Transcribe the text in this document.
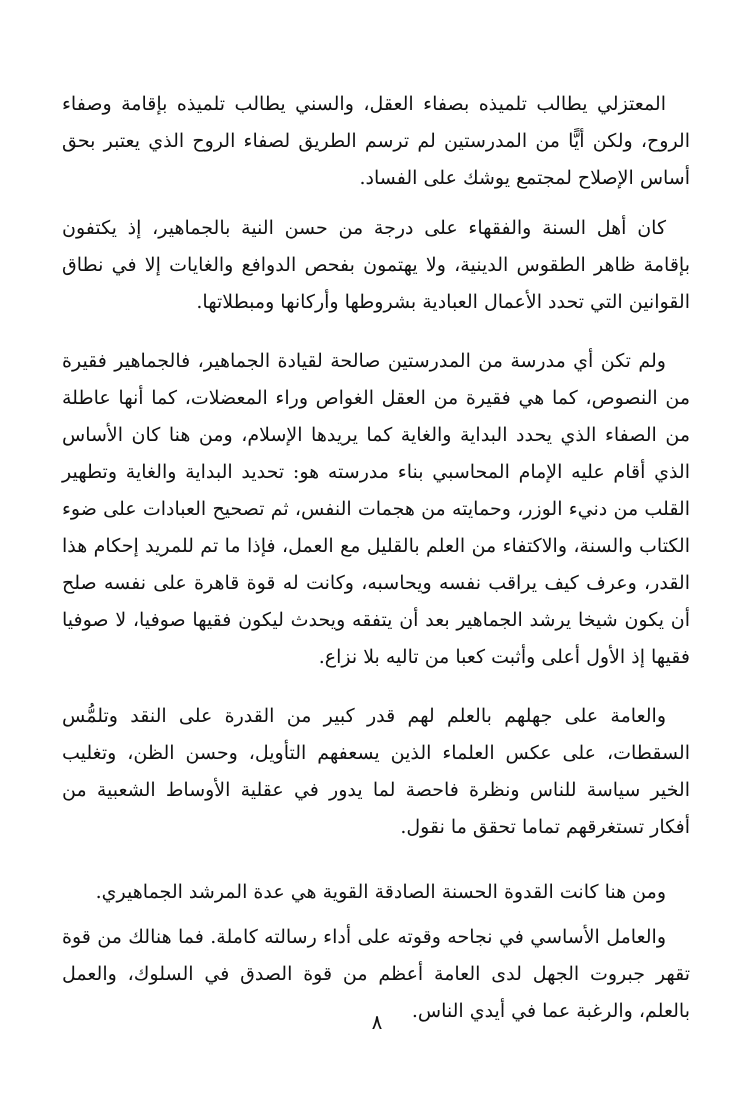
المعتزلي يطالب تلميذه بصفاء العقل، والسني يطالب تلميذه بإقامة وصفاء الروح، ولكن أيًّا من المدرستين لم ترسم الطريق لصفاء الروح الذي يعتبر بحق أساس الإصلاح لمجتمع يوشك على الفساد.

كان أهل السنة والفقهاء على درجة من حسن النية بالجماهير، إذ يكتفون بإقامة ظاهر الطقوس الدينية، ولا يهتمون بفحص الدوافع والغايات إلا في نطاق القوانين التي تحدد الأعمال العبادية بشروطها وأركانها ومبطلاتها.

ولم تكن أي مدرسة من المدرستين صالحة لقيادة الجماهير، فالجماهير فقيرة من النصوص، كما هي فقيرة من العقل الغواص وراء المعضلات، كما أنها عاطلة من الصفاء الذي يحدد البداية والغاية كما يريدها الإسلام، ومن هنا كان الأساس الذي أقام عليه الإمام المحاسبي بناء مدرسته هو: تحديد البداية والغاية وتطهير القلب من دنيء الوزر، وحمايته من هجمات النفس، ثم تصحيح العبادات على ضوء الكتاب والسنة، والاكتفاء من العلم بالقليل مع العمل، فإذا ما تم للمريد إحكام هذا القدر، وعرف كيف يراقب نفسه ويحاسبه، وكانت له قوة قاهرة على نفسه صلح أن يكون شيخا يرشد الجماهير بعد أن يتفقه ويحدث ليكون فقيها صوفيا، لا صوفيا فقيها إذ الأول أعلى وأثبت كعبا من تاليه بلا نزاع.

والعامة على جهلهم بالعلم لهم قدر كبير من القدرة على النقد وتلمُّس السقطات، على عكس العلماء الذين يسعفهم التأويل، وحسن الظن، وتغليب الخير سياسة للناس ونظرة فاحصة لما يدور في عقلية الأوساط الشعبية من أفكار تستغرقهم تماما تحقق ما نقول.

ومن هنا كانت القدوة الحسنة الصادقة القوية هي عدة المرشد الجماهيري.

والعامل الأساسي في نجاحه وقوته على أداء رسالته كاملة. فما هنالك من قوة تقهر جبروت الجهل لدى العامة أعظم من قوة الصدق في السلوك، والعمل بالعلم، والرغبة عما في أيدي الناس.

٨
